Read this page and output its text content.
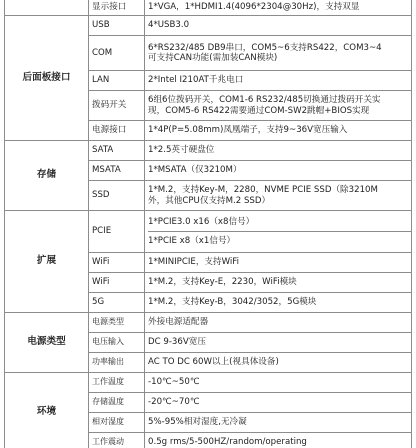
	显示接口	1*VGA，1*HDMI1.4(4096*2304@30Hz)，支持双显

后面板接口	USB	4*USB3.0

	COM	6*RS232/485 DB9串口，COM5~6支持RS422，COM3~4
可支持CAN功能(需加装CAN模块)

	LAN	2*Intel I210AT千兆电口

	拨码开关	6组6位拨码开关，COM1-6 RS232/485切换通过拨码开关实
现，COM5-6 RS422需要通过COM-SW2跳帽+BIOS实现

	电源接口	1*4P(P=5.08mm)凤凰端子，支持9~36V宽压输入

存储	SATA	1*2.5英寸硬盘位

	MSATA	1*MSATA（仅3210M）

	SSD	1*M.2，支持Key-M，2280，NVME PCIE SSD（除3210M
外，其他CPU仅支持M.2 SSD）

扩展	PCIE	1*PCIE3.0 x16（x8信号）
1*PCIE x8（x1信号）

	WiFi	1*MINIPCIE，支持WiFi

	WiFi	1*M.2，支持Key-E，2230，WiFi模块

	5G	1*M.2，支持Key-B，3042/3052，5G模块

电源类型	电源类型	外接电源适配器

	电压输入	DC 9-36V宽压

	功率输出	AC TO DC 60W以上(视具体设备)

环境	工作温度	-10℃~50℃

	存储温度	-20℃~70℃

	相对湿度	5%-95%相对湿度,无冷凝

	工作震动	0.5g rms/5-500HZ/random/operating
